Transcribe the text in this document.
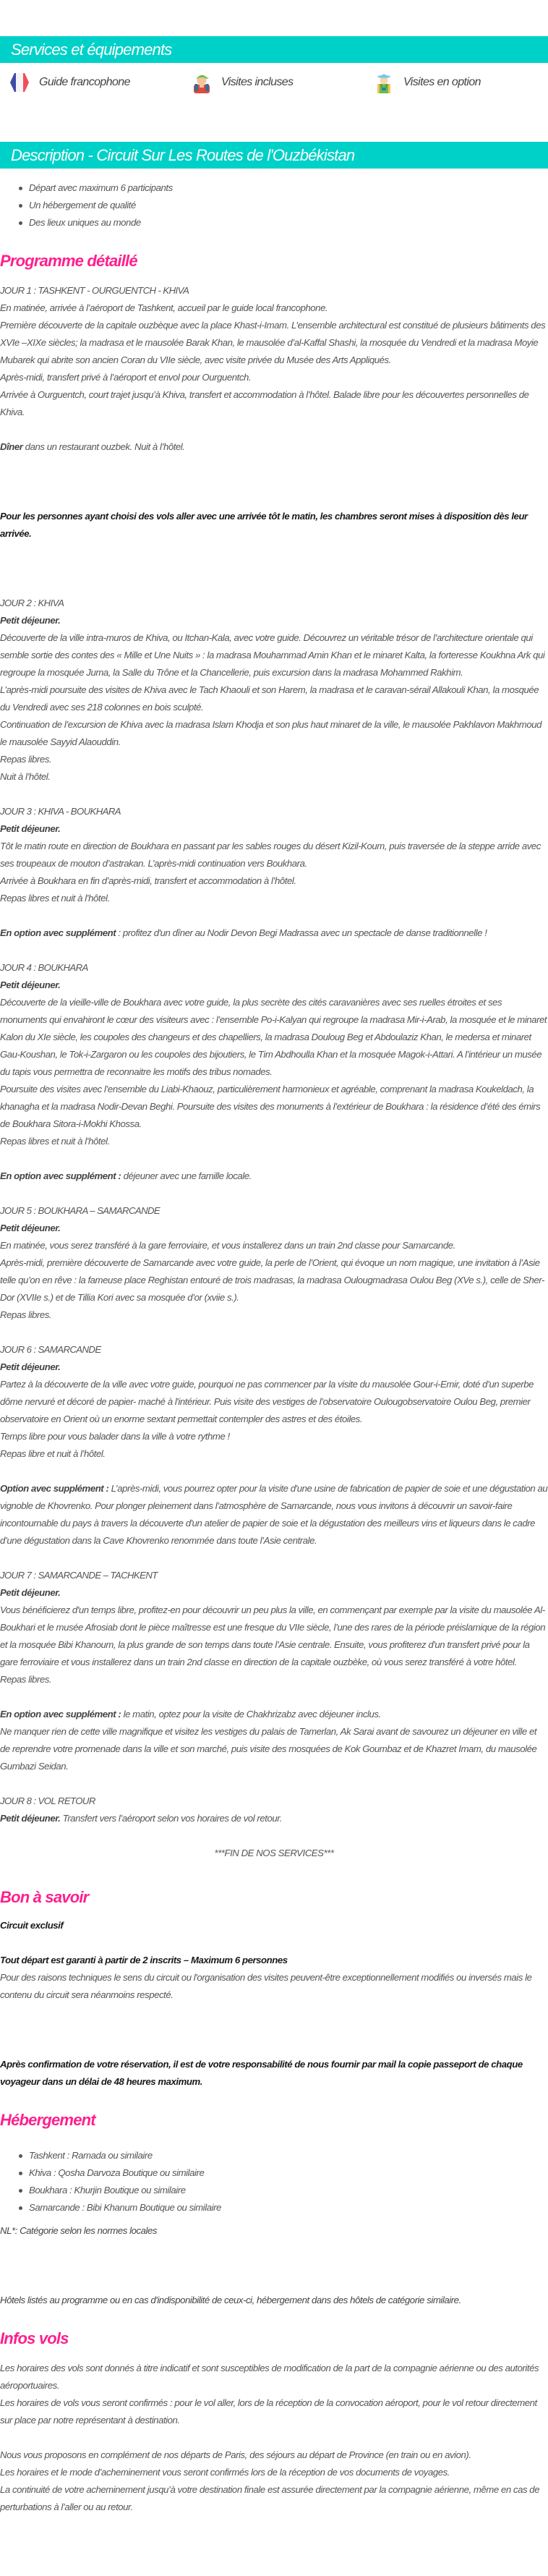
Services et équipements
Guide francophone	Visites incluses	Visites en option
Description - Circuit Sur Les Routes de l'Ouzbékistan
Départ avec maximum 6 participants
Un hébergement de qualité
Des lieux uniques au monde
Programme détaillé

JOUR 1 : TASHKENT - OURGUENTCH - KHIVA

En matinée, arrivée à l’aéroport de Tashkent, accueil par le guide local francophone.

Première découverte de la capitale ouzbèque avec la place Khast-i-Imam. L’ensemble architectural est constitué de plusieurs bâtiments des XVIe –XIXe siècles; la madrasa et le mausolée Barak Khan, le mausolée d’al-Kaffal Shashi, la mosquée du Vendredi et la madrasa Moyie Mubarek qui abrite son ancien Coran du VIIe siècle, avec visite privée du Musée des Arts Appliqués.

Après-midi, transfert privé à l’aéroport et envol pour Ourguentch.

Arrivée à Ourguentch, court trajet jusqu’à Khiva, transfert et accommodation à l’hôtel. Balade libre pour les découvertes personnelles de Khiva.

Dîner dans un restaurant ouzbek. Nuit à l’hôtel.

Pour les personnes ayant choisi des vols aller avec une arrivée tôt le matin, les chambres seront mises à disposition dès leur arrivée.

JOUR 2 : KHIVA

Petit déjeuner.

Découverte de la ville intra-muros de Khiva, ou Itchan-Kala, avec votre guide. Découvrez un véritable trésor de l’architecture orientale qui semble sortie des contes des « Mille et Une Nuits » : la madrasa Mouhammad Amin Khan et le minaret Kalta, la forteresse Koukhna Ark qui regroupe la mosquée Juma, la Salle du Trône et la Chancellerie, puis excursion dans la madrasa Mohammed Rakhim.

L’après-midi poursuite des visites de Khiva avec le Tach Khaouli et son Harem, la madrasa et le caravan-sérail Allakouli Khan, la mosquée du Vendredi avec ses 218 colonnes en bois sculpté.

Continuation de l’excursion de Khiva avec la madrasa Islam Khodja et son plus haut minaret de la ville, le mausolée Pakhlavon Makhmoud le mausolée Sayyid Alaouddin.

Repas libres.

Nuit à l’hôtel.

JOUR 3 : KHIVA - BOUKHARA

Petit déjeuner.

Tôt le matin route en direction de Boukhara en passant par les sables rouges du désert Kizil-Koum, puis traversée de la steppe arride avec ses troupeaux de mouton d’astrakan. L’après-midi continuation vers Boukhara.

Arrivée à Boukhara en fin d’après-midi, transfert et accommodation à l’hôtel.

Repas libres et nuit à l’hôtel.

En option avec supplément : profitez d'un dîner au Nodir Devon Begi Madrassa avec un spectacle de danse traditionnelle !

JOUR 4 : BOUKHARA

Petit déjeuner.

Découverte de la vieille-ville de Boukhara avec votre guide, la plus secrète des cités caravanières avec ses ruelles étroites et ses monuments qui envahiront le cœur des visiteurs avec : l’ensemble Po-i-Kalyan qui regroupe la madrasa Mir-i-Arab, la mosquée et le minaret Kalon du XIe siècle, les coupoles des changeurs et des chapelliers, la madrasa Douloug Beg et Abdoulaziz Khan, le medersa et minaret Gau-Koushan, le Tok-i-Zargaron ou les coupoles des bijoutiers, le Tim Abdhoulla Khan et la mosquée Magok-i-Attari. A l’intérieur un musée du tapis vous permettra de reconnaitre les motifs des tribus nomades.

Poursuite des visites avec l’ensemble du Liabi-Khaouz, particulièrement harmonieux et agréable, comprenant la madrasa Koukeldach, la khanagha et la madrasa Nodir-Devan Beghi. Poursuite des visites des monuments à l’extérieur de Boukhara : la résidence d’été des émirs de Boukhara Sitora-i-Mokhi Khossa.

Repas libres et nuit à l’hôtel.

En option avec supplément : déjeuner avec une famille locale.

JOUR 5 : BOUKHARA – SAMARCANDE

Petit déjeuner.

En matinée, vous serez transféré à la gare ferroviaire, et vous installerez dans un train 2nd classe pour Samarcande.

Après-midi, première découverte de Samarcande avec votre guide, la perle de l’Orient, qui évoque un nom magique, une invitation à l’Asie telle qu’on en rêve : la fameuse place Reghistan entouré de trois madrasas, la madrasa Oulougmadrasa Oulou Beg (XVe s.), celle de Sher-Dor (XVIIe s.) et de Tillia Kori avec sa mosquée d’or (xviie s.).

Repas libres.

JOUR 6 : SAMARCANDE

Petit déjeuner.

Partez à la découverte de la ville avec votre guide, pourquoi ne pas commencer par la visite du mausolée Gour-i-Emir, doté d’un superbe dôme nervuré et décoré de papier- maché à l'intérieur. Puis visite des vestiges de l’observatoire Oulougobservatoire Oulou Beg, premier observatoire en Orient où un enorme sextant permettait contempler des astres et des étoiles.

Temps libre pour vous balader dans la ville à votre rythme !

Repas libre et nuit à l’hôtel.

Option avec supplément : L’après-midi, vous pourrez opter pour la visite d'une usine de fabrication de papier de soie et une dégustation au vignoble de Khovrenko. Pour plonger pleinement dans l’atmosphère de Samarcande, nous vous invitons à découvrir un savoir-faire incontournable du pays à travers la découverte d'un atelier de papier de soie et la dégustation des meilleurs vins et liqueurs dans le cadre d’une dégustation dans la Cave Khovrenko renommée dans toute l’Asie centrale.

JOUR 7 : SAMARCANDE – TACHKENT

Petit déjeuner.

Vous bénéficierez d'un temps libre, profitez-en pour découvrir un peu plus la ville, en commençant par exemple par la visite du mausolée Al-Boukhari et le musée Afrosiab dont le pièce maîtresse est une fresque du VIIe siècle, l’une des rares de la période préislamique de la région et la mosquée Bibi Khanoum, la plus grande de son temps dans toute l’Asie centrale. Ensuite, vous profiterez d'un transfert privé pour la gare ferroviaire et vous installerez dans un train 2nd classe en direction de la capitale ouzbèke, où vous serez transféré à votre hôtel.

Repas libres.

En option avec supplément : le matin, optez pour la visite de Chakhrizabz avec déjeuner inclus.

Ne manquer rien de cette ville magnifique et visitez les vestiges du palais de Tamerlan, Ak Sarai avant de savourez un déjeuner en ville et de reprendre votre promenade dans la ville et son marché, puis visite des mosquées de Kok Goumbaz et de Khazret Imam, du mausolée Gumbazi Seidan.

JOUR 8 : VOL RETOUR

Petit déjeuner. Transfert vers l’aéroport selon vos horaires de vol retour.

***FIN DE NOS SERVICES***

Bon à savoir

Circuit exclusif

Tout départ est garanti à partir de 2 inscrits – Maximum 6 personnes

Pour des raisons techniques le sens du circuit ou l'organisation des visites peuvent-être exceptionnellement modifiés ou inversés mais le contenu du circuit sera néanmoins respecté.

Après confirmation de votre réservation, il est de votre responsabilité de nous fournir par mail la copie passeport de chaque voyageur dans un délai de 48 heures maximum.

Hébergement
Tashkent : Ramada ou similaire
Khiva : Qosha Darvoza Boutique ou similaire
Boukhara : Khurjin Boutique ou similaire
Samarcande : Bibi Khanum Boutique ou similaire

NL*: Catégorie selon les normes locales

Hôtels listés au programme ou en cas d'indisponibilité de ceux-ci, hébergement dans des hôtels de catégorie similaire.

Infos vols

Les horaires des vols sont donnés à titre indicatif et sont susceptibles de modification de la part de la compagnie aérienne ou des autorités aéroportuaires.

Les horaires de vols vous seront confirmés : pour le vol aller, lors de la réception de la convocation aéroport, pour le vol retour directement sur place par notre représentant à destination.

Nous vous proposons en complément de nos départs de Paris, des séjours au départ de Province (en train ou en avion).

Les horaires et le mode d’acheminement vous seront confirmés lors de la réception de vos documents de voyages.

La continuité de votre acheminement jusqu’à votre destination finale est assurée directement par la compagnie aérienne, même en cas de perturbations à l’aller ou au retour.
